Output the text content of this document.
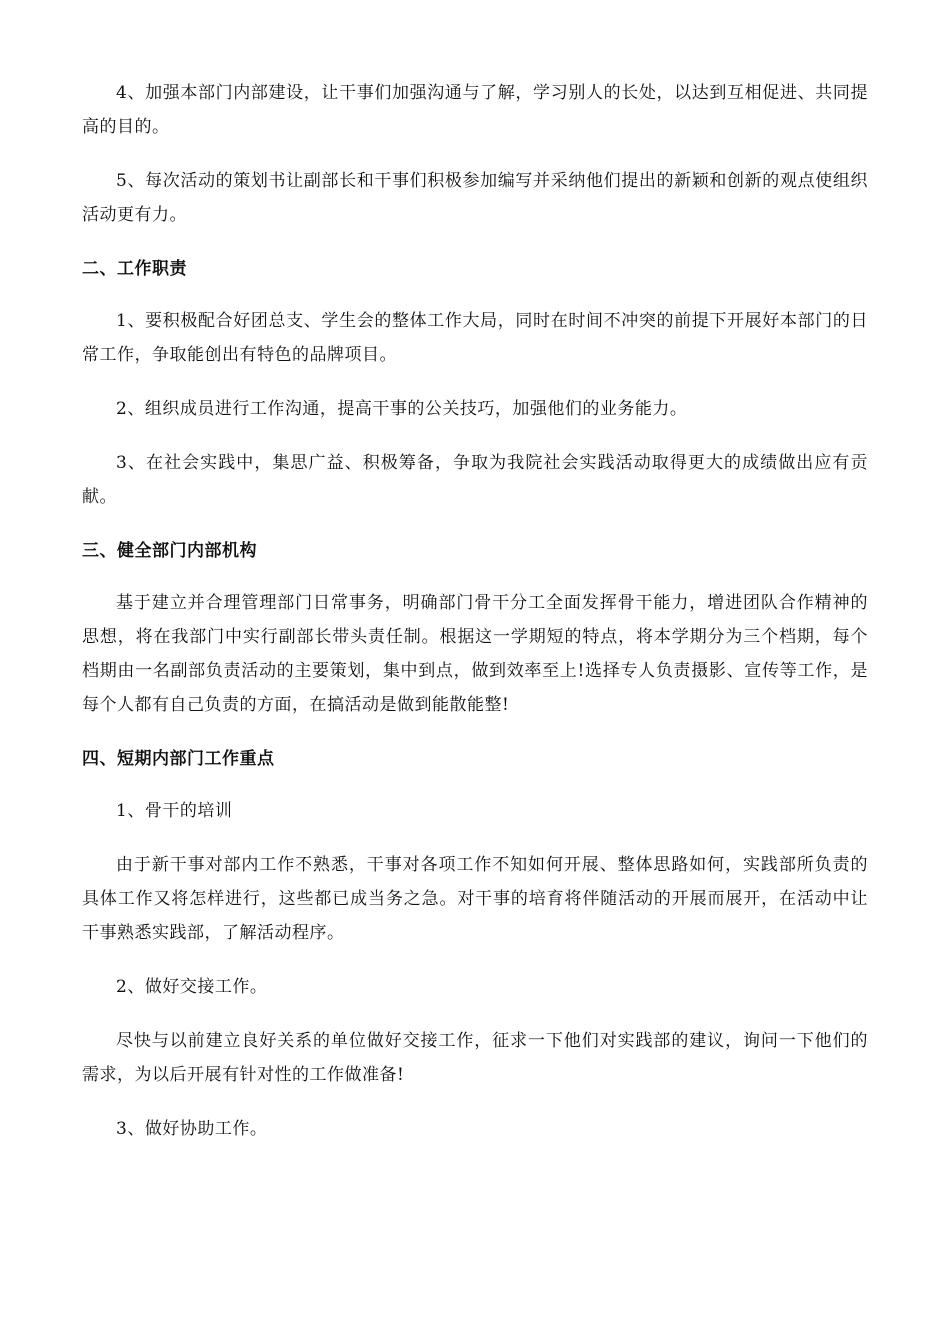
4、加强本部门内部建设，让干事们加强沟通与了解，学习别人的长处，以达到互相促进、共同提高的目的。

5、每次活动的策划书让副部长和干事们积极参加编写并采纳他们提出的新颖和创新的观点使组织活动更有力。

二、工作职责

1、要积极配合好团总支、学生会的整体工作大局，同时在时间不冲突的前提下开展好本部门的日常工作，争取能创出有特色的品牌项目。

2、组织成员进行工作沟通，提高干事的公关技巧，加强他们的业务能力。

3、在社会实践中，集思广益、积极筹备，争取为我院社会实践活动取得更大的成绩做出应有贡献。

三、健全部门内部机构

基于建立并合理管理部门日常事务，明确部门骨干分工全面发挥骨干能力，增进团队合作精神的思想，将在我部门中实行副部长带头责任制。根据这一学期短的特点，将本学期分为三个档期，每个档期由一名副部负责活动的主要策划，集中到点，做到效率至上!选择专人负责摄影、宣传等工作，是每个人都有自己负责的方面，在搞活动是做到能散能整!

四、短期内部门工作重点

1、骨干的培训

由于新干事对部内工作不熟悉，干事对各项工作不知如何开展、整体思路如何，实践部所负责的具体工作又将怎样进行，这些都已成当务之急。对干事的培育将伴随活动的开展而展开，在活动中让干事熟悉实践部，了解活动程序。

2、做好交接工作。

尽快与以前建立良好关系的单位做好交接工作，征求一下他们对实践部的建议，询问一下他们的需求，为以后开展有针对性的工作做准备!

3、做好协助工作。
